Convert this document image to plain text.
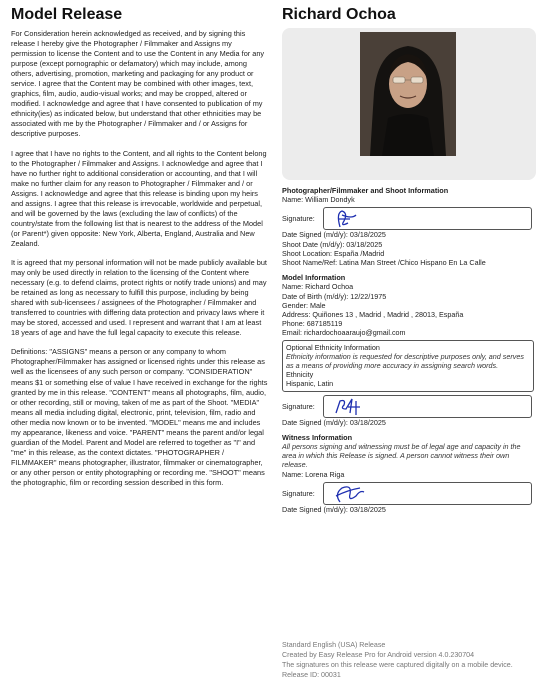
Model Release

For Consideration herein acknowledged as received, and by signing this release I hereby give the Photographer / Filmmaker and Assigns my permission to license the Content and to use the Content in any Media for any purpose (except pornographic or defamatory) which may include, among others, advertising, promotion, marketing and packaging for any product or service. I agree that the Content may be combined with other images, text, graphics, film, audio, audio-visual works; and may be cropped, altered or modified. I acknowledge and agree that I have consented to publication of my ethnicity(ies) as indicated below, but understand that other ethnicities may be associated with me by the Photographer / Filmmaker and / or Assigns for descriptive purposes.

I agree that I have no rights to the Content, and all rights to the Content belong to the Photographer / Filmmaker and Assigns. I acknowledge and agree that I have no further right to additional consideration or accounting, and that I will make no further claim for any reason to Photographer / Filmmaker and / or Assigns. I acknowledge and agree that this release is binding upon my heirs and assigns. I agree that this release is irrevocable, worldwide and perpetual, and will be governed by the laws (excluding the law of conflicts) of the country/state from the following list that is nearest to the address of the Model (or Parent*) given opposite: New York, Alberta, England, Australia and New Zealand.

It is agreed that my personal information will not be made publicly available but may only be used directly in relation to the licensing of the Content where necessary (e.g. to defend claims, protect rights or notify trade unions) and may be retained as long as necessary to fulfill this purpose, including by being shared with sub-licensees / assignees of the Photographer / Filmmaker and transferred to countries with differing data protection and privacy laws where it may be stored, accessed and used. I represent and warrant that I am at least 18 years of age and have the full legal capacity to execute this release.

Definitions: "ASSIGNS" means a person or any company to whom Photographer/Filmmaker has assigned or licensed rights under this release as well as the licensees of any such person or company. "CONSIDERATION" means $1 or something else of value I have received in exchange for the rights granted by me in this release. "CONTENT" means all photographs, film, audio, or other recording, still or moving, taken of me as part of the Shoot. "MEDIA" means all media including digital, electronic, print, television, film, radio and other media now known or to be invented. "MODEL" means me and includes my appearance, likeness and voice. "PARENT" means the parent and/or legal guardian of the Model. Parent and Model are referred to together as "I" and "me" in this release, as the context dictates. "PHOTOGRAPHER / FILMMAKER" means photographer, illustrator, filmmaker or cinematographer, or any other person or entity photographing or recording me. "SHOOT" means the photographic, film or recording session described in this form.

Richard Ochoa
Photographer/Filmmaker and Shoot Information
Name: William Dondyk
Signature:
Date Signed (m/d/y): 03/18/2025
Shoot Date (m/d/y): 03/18/2025
Shoot Location: España /Madrid
Shoot Name/Ref: Latina Man Street /Chico Hispano En La Calle
Model Information
Name: Richard Ochoa
Date of Birth (m/d/y): 12/22/1975
Gender: Male
Address: Quiñones 13 , Madrid , Madrid , 28013, España
Phone: 687185119
Email: richardochoaaraujo@gmail.com
Optional Ethnicity Information
Ethnicity information is requested for descriptive purposes only, and serves as a means of providing more accuracy in assigning search words.
Ethnicity
Hispanic, Latin
Signature:
Date Signed (m/d/y): 03/18/2025
Witness Information
All persons signing and witnessing must be of legal age and capacity in the area in which this Release is signed. A person cannot witness their own release.
Name: Lorena Riga
Signature:
Date Signed (m/d/y): 03/18/2025
Standard English (USA) Release
Created by Easy Release Pro for Android version 4.0.230704
The signatures on this release were captured digitally on a mobile device.
Release ID: 00031
